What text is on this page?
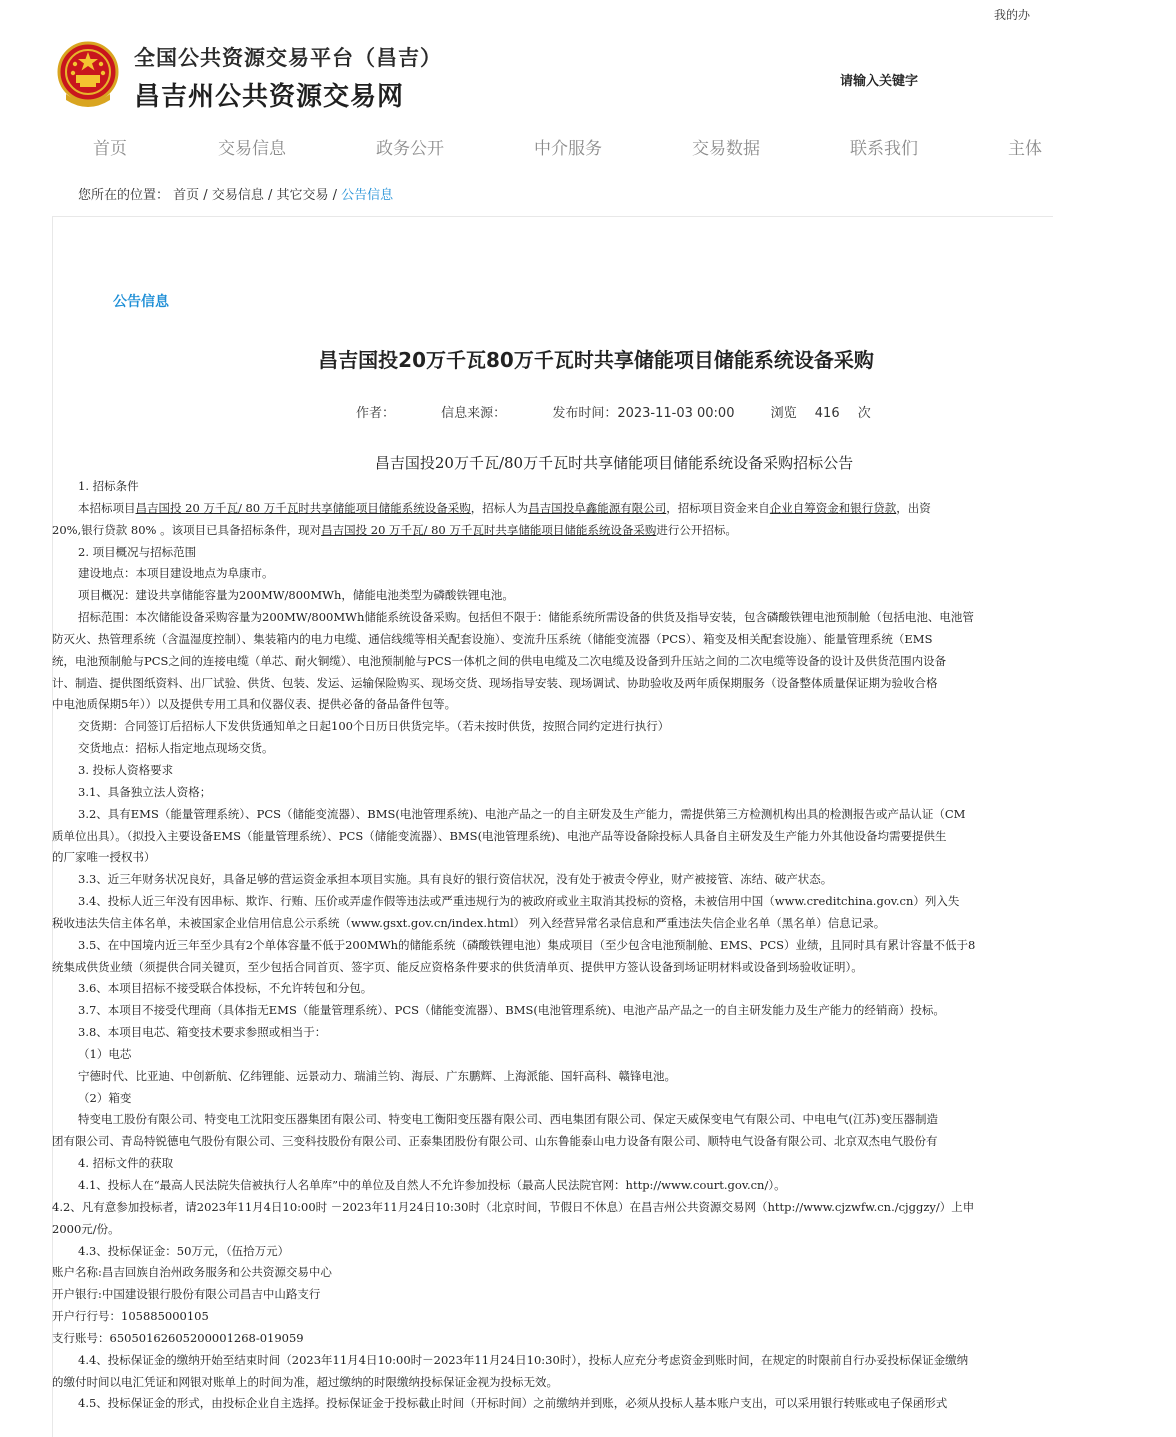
我的办
全国公共资源交易平台（昌吉）
昌吉州公共资源交易网
请输入关键字
首页	交易信息	政务公开	中介服务	交易数据	联系我们	主体
您所在的位置： 首页 / 交易信息 / 其它交易 / 公告信息
公告信息
昌吉国投20万千瓦80万千瓦时共享储能项目储能系统设备采购
作者：	信息来源：	发布时间：2023-11-03 00:00	浏览 416 次
昌吉国投20万千瓦/80万千瓦时共享储能项目储能系统设备采购招标公告
1. 招标条件
本招标项目昌吉国投 20 万千瓦/ 80 万千瓦时共享储能项目储能系统设备采购，招标人为昌吉国投阜鑫能源有限公司，招标项目资金来自企业自筹资金和银行贷款，出资
20%,银行贷款 80% 。该项目已具备招标条件，现对昌吉国投 20 万千瓦/ 80 万千瓦时共享储能项目储能系统设备采购进行公开招标。
2. 项目概况与招标范围
建设地点：本项目建设地点为阜康市。
项目概况：建设共享储能容量为200MW/800MWh，储能电池类型为磷酸铁锂电池。
招标范围：本次储能设备采购容量为200MW/800MWh储能系统设备采购。包括但不限于：储能系统所需设备的供货及指导安装，包含磷酸铁锂电池预制舱（包括电池、电池管
防灭火、热管理系统（含温湿度控制）、集装箱内的电力电缆、通信线缆等相关配套设施）、变流升压系统（储能变流器（PCS）、箱变及相关配套设施）、能量管理系统（EMS
统，电池预制舱与PCS之间的连接电缆（单芯、耐火铜缆）、电池预制舱与PCS一体机之间的供电电缆及二次电缆及设备到升压站之间的二次电缆等设备的设计及供货范围内设备
计、制造、提供图纸资料、出厂试验、供货、包装、发运、运输保险购买、现场交货、现场指导安装、现场调试、协助验收及两年质保期服务（设备整体质量保证期为验收合格
中电池质保期5年））以及提供专用工具和仪器仪表、提供必备的备品备件包等。
交货期：合同签订后招标人下发供货通知单之日起100个日历日供货完毕。（若未按时供货，按照合同约定进行执行）
交货地点：招标人指定地点现场交货。
3. 投标人资格要求
3.1、具备独立法人资格；
3.2、具有EMS（能量管理系统）、PCS（储能变流器）、BMS(电池管理系统)、电池产品之一的自主研发及生产能力，需提供第三方检测机构出具的检测报告或产品认证（CM
质单位出具）。（拟投入主要设备EMS（能量管理系统）、PCS（储能变流器）、BMS(电池管理系统)、电池产品等设备除投标人具备自主研发及生产能力外其他设备均需要提供生
的厂家唯一授权书）
3.3、近三年财务状况良好，具备足够的营运资金承担本项目实施。具有良好的银行资信状况，没有处于被责令停业，财产被接管、冻结、破产状态。
3.4、投标人近三年没有因串标、欺诈、行贿、压价或弄虚作假等违法或严重违规行为的被政府或业主取消其投标的资格，未被信用中国（www.creditchina.gov.cn）列入失
税收违法失信主体名单，未被国家企业信用信息公示系统（www.gsxt.gov.cn/index.html） 列入经营异常名录信息和严重违法失信企业名单（黑名单）信息记录。
3.5、在中国境内近三年至少具有2个单体容量不低于200MWh的储能系统（磷酸铁锂电池）集成项目（至少包含电池预制舱、EMS、PCS）业绩，且同时具有累计容量不低于8
统集成供货业绩（须提供合同关键页，至少包括合同首页、签字页、能反应资格条件要求的供货清单页、提供甲方签认设备到场证明材料或设备到场验收证明）。
3.6、本项目招标不接受联合体投标，不允许转包和分包。
3.7、本项目不接受代理商（具体指无EMS（能量管理系统）、PCS（储能变流器）、BMS(电池管理系统)、电池产品产品之一的自主研发能力及生产能力的经销商）投标。
3.8、本项目电芯、箱变技术要求参照或相当于：
（1）电芯
宁德时代、比亚迪、中创新航、亿纬锂能、远景动力、瑞浦兰钧、海辰、广东鹏辉、上海派能、国轩高科、赣锋电池。
（2）箱变
特变电工股份有限公司、特变电工沈阳变压器集团有限公司、特变电工衡阳变压器有限公司、西电集团有限公司、保定天威保变电气有限公司、中电电气(江苏)变压器制造
团有限公司、青岛特锐德电气股份有限公司、三变科技股份有限公司、正泰集团股份有限公司、山东鲁能泰山电力设备有限公司、顺特电气设备有限公司、北京双杰电气股份有
4. 招标文件的获取
4.1、投标人在“最高人民法院失信被执行人名单库”中的单位及自然人不允许参加投标（最高人民法院官网：http://www.court.gov.cn/）。
4.2、凡有意参加投标者，请2023年11月4日10:00时 －2023年11月24日10:30时（北京时间，节假日不休息）在昌吉州公共资源交易网（http://www.cjzwfw.cn./cjggzy/）上申
2000元/份。
4.3、投标保证金：50万元，（伍拾万元）
账户名称:昌吉回族自治州政务服务和公共资源交易中心
开户银行:中国建设银行股份有限公司昌吉中山路支行
开户行行号：105885000105
支行账号：6505016260520000126​8-019059
4.4、投标保证金的缴纳开始至结束时间（2023年11月4日10:00时－2023年11月24日10:30时），投标人应充分考虑资金到账时间，在规定的时限前自行办妥投标保证金缴纳
的缴付时间以电汇凭证和网银对账单上的时间为准，超过缴纳的时限缴纳投标保证金视为投标无效。
4.5、投标保证金的形式，由投标企业自主选择。投标保证金于投标截止时间（开标时间）之前缴纳并到账，必须从投标人基本账户支出，可以采用银行转账或电子保函形式
